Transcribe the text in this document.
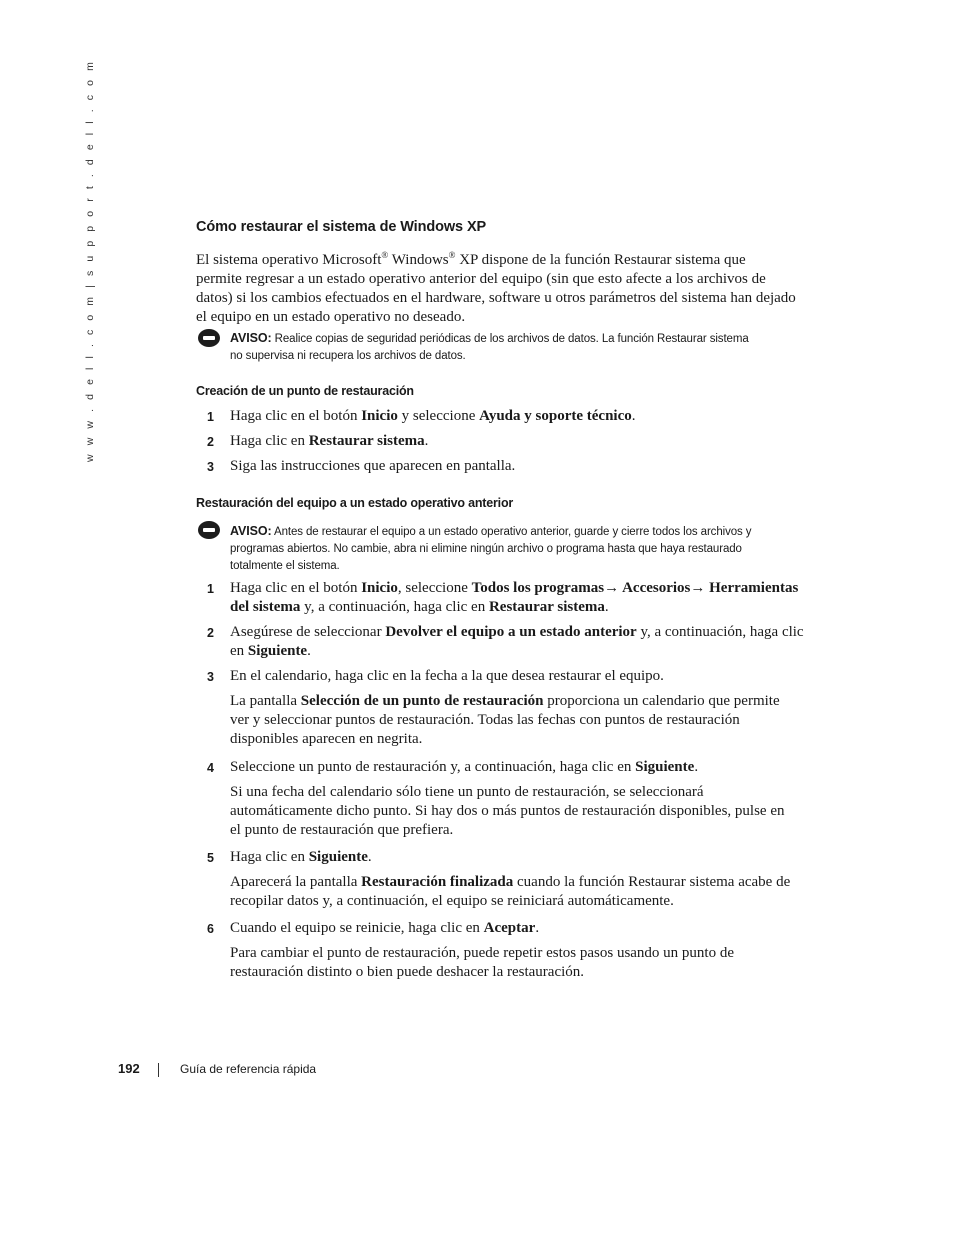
w w w . d e l l . c o m | s u p p o r t . d e l l . c o m	Cómo restaurar el sistema de Windows XP
El sistema operativo Microsoft® Windows® XP dispone de la función Restaurar sistema que
permite regresar a un estado operativo anterior del equipo (sin que esto afecte a los archivos de
datos) si los cambios efectuados en el hardware, software u otros parámetros del sistema han dejado
el equipo en un estado operativo no deseado.
AVISO: Realice copias de seguridad periódicas de los archivos de datos. La función Restaurar sistema
no supervisa ni recupera los archivos de datos.
Creación de un punto de restauración
1 Haga clic en el botón Inicio y seleccione Ayuda y soporte técnico.
2 Haga clic en Restaurar sistema.
3 Siga las instrucciones que aparecen en pantalla.
Restauración del equipo a un estado operativo anterior
AVISO: Antes de restaurar el equipo a un estado operativo anterior, guarde y cierre todos los archivos y
programas abiertos. No cambie, abra ni elimine ningún archivo o programa hasta que haya restaurado
totalmente el sistema.
1 Haga clic en el botón Inicio, seleccione Todos los programas→ Accesorios→ Herramientas
del sistema y, a continuación, haga clic en Restaurar sistema.
2 Asegúrese de seleccionar Devolver el equipo a un estado anterior y, a continuación, haga clic
en Siguiente.
3 En el calendario, haga clic en la fecha a la que desea restaurar el equipo.
La pantalla Selección de un punto de restauración proporciona un calendario que permite
ver y seleccionar puntos de restauración. Todas las fechas con puntos de restauración
disponibles aparecen en negrita.
4 Seleccione un punto de restauración y, a continuación, haga clic en Siguiente.
Si una fecha del calendario sólo tiene un punto de restauración, se seleccionará
automáticamente dicho punto. Si hay dos o más puntos de restauración disponibles, pulse en
el punto de restauración que prefiera.
5 Haga clic en Siguiente.
Aparecerá la pantalla Restauración finalizada cuando la función Restaurar sistema acabe de
recopilar datos y, a continuación, el equipo se reiniciará automáticamente.
6 Cuando el equipo se reinicie, haga clic en Aceptar.
Para cambiar el punto de restauración, puede repetir estos pasos usando un punto de
restauración distinto o bien puede deshacer la restauración.
192	Guía de referencia rápida
